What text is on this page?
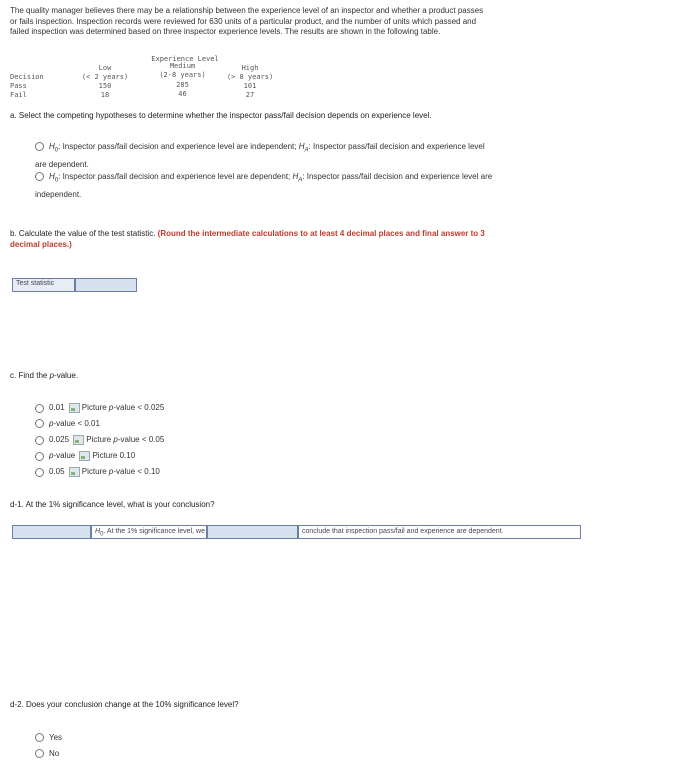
The quality manager believes there may be a relationship between the experience level of an inspector and whether a product passes
or fails inspection. Inspection records were reviewed for 630 units of a particular product, and the number of units which passed and
failed inspection was determined based on three inspector experience levels. The results are shown in the following table.
Experience Level
Low	Medium	High
Decision	(< 2 years)	(2-8 years)	(> 8 years)
Pass	150	285	101
Fail	18	46	27
a. Select the competing hypotheses to determine whether the inspector pass/fail decision depends on experience level.
$H_0$: Inspector pass/fail decision and experience level are independent; $H_A$: Inspector pass/fail decision and experience level
are dependent.
$H_0$: Inspector pass/fail decision and experience level are dependent; $H_A$: Inspector pass/fail decision and experience level are
independent.
b. Calculate the value of the test statistic. (Round the intermediate calculations to at least 4 decimal places and final answer to 3
decimal places.)
Test statistic
c. Find the p-value.
0.01 Picture p-value < 0.025
p-value < 0.01
0.025 Picture p-value < 0.05
p-value Picture 0.10
0.05 Picture p-value < 0.10
d-1. At the 1% significance level, what is your conclusion?
$H_0$. At the 1% significance level, we	conclude that inspection pass/fail and experience are dependent.
d-2. Does your conclusion change at the 10% significance level?
Yes
No
